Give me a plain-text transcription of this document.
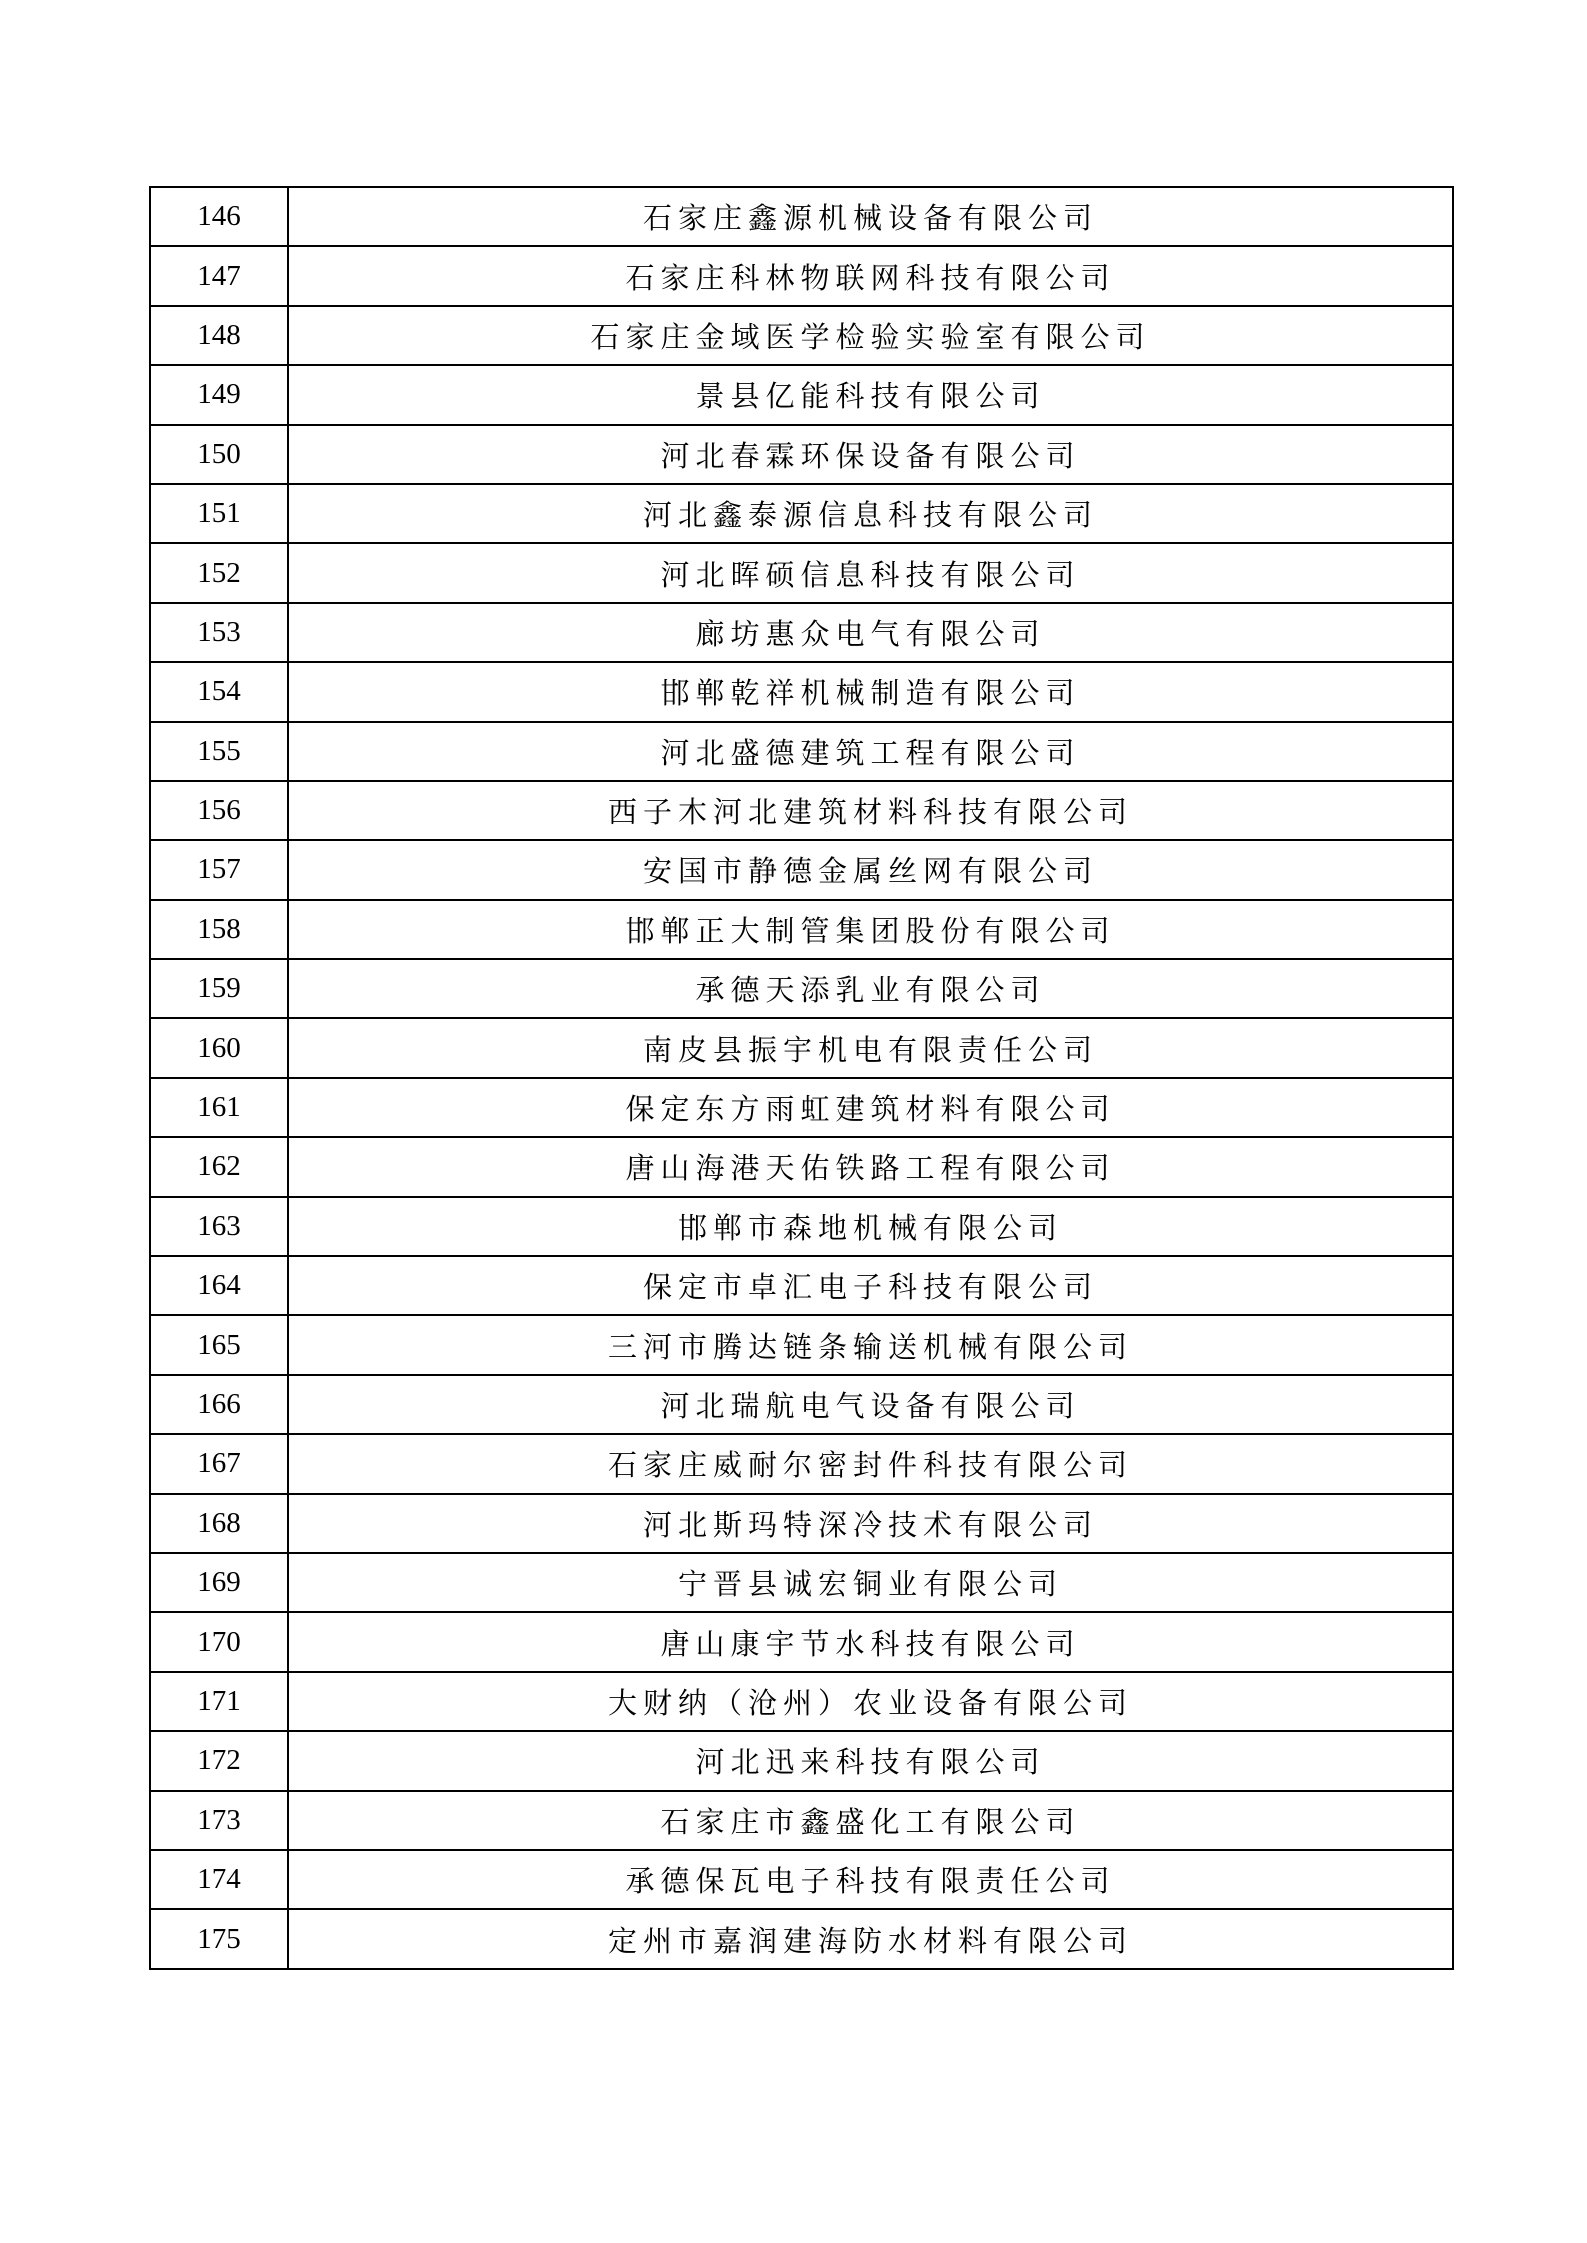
146	石家庄鑫源机械设备有限公司
147	石家庄科林物联网科技有限公司
148	石家庄金域医学检验实验室有限公司
149	景县亿能科技有限公司
150	河北春霖环保设备有限公司
151	河北鑫泰源信息科技有限公司
152	河北晖硕信息科技有限公司
153	廊坊惠众电气有限公司
154	邯郸乾祥机械制造有限公司
155	河北盛德建筑工程有限公司
156	西子木河北建筑材料科技有限公司
157	安国市静德金属丝网有限公司
158	邯郸正大制管集团股份有限公司
159	承德天添乳业有限公司
160	南皮县振宇机电有限责任公司
161	保定东方雨虹建筑材料有限公司
162	唐山海港天佑铁路工程有限公司
163	邯郸市森地机械有限公司
164	保定市卓汇电子科技有限公司
165	三河市腾达链条输送机械有限公司
166	河北瑞航电气设备有限公司
167	石家庄威耐尔密封件科技有限公司
168	河北斯玛特深冷技术有限公司
169	宁晋县诚宏铜业有限公司
170	唐山康宇节水科技有限公司
171	大财纳（沧州）农业设备有限公司
172	河北迅来科技有限公司
173	石家庄市鑫盛化工有限公司
174	承德保瓦电子科技有限责任公司
175	定州市嘉润建海防水材料有限公司
